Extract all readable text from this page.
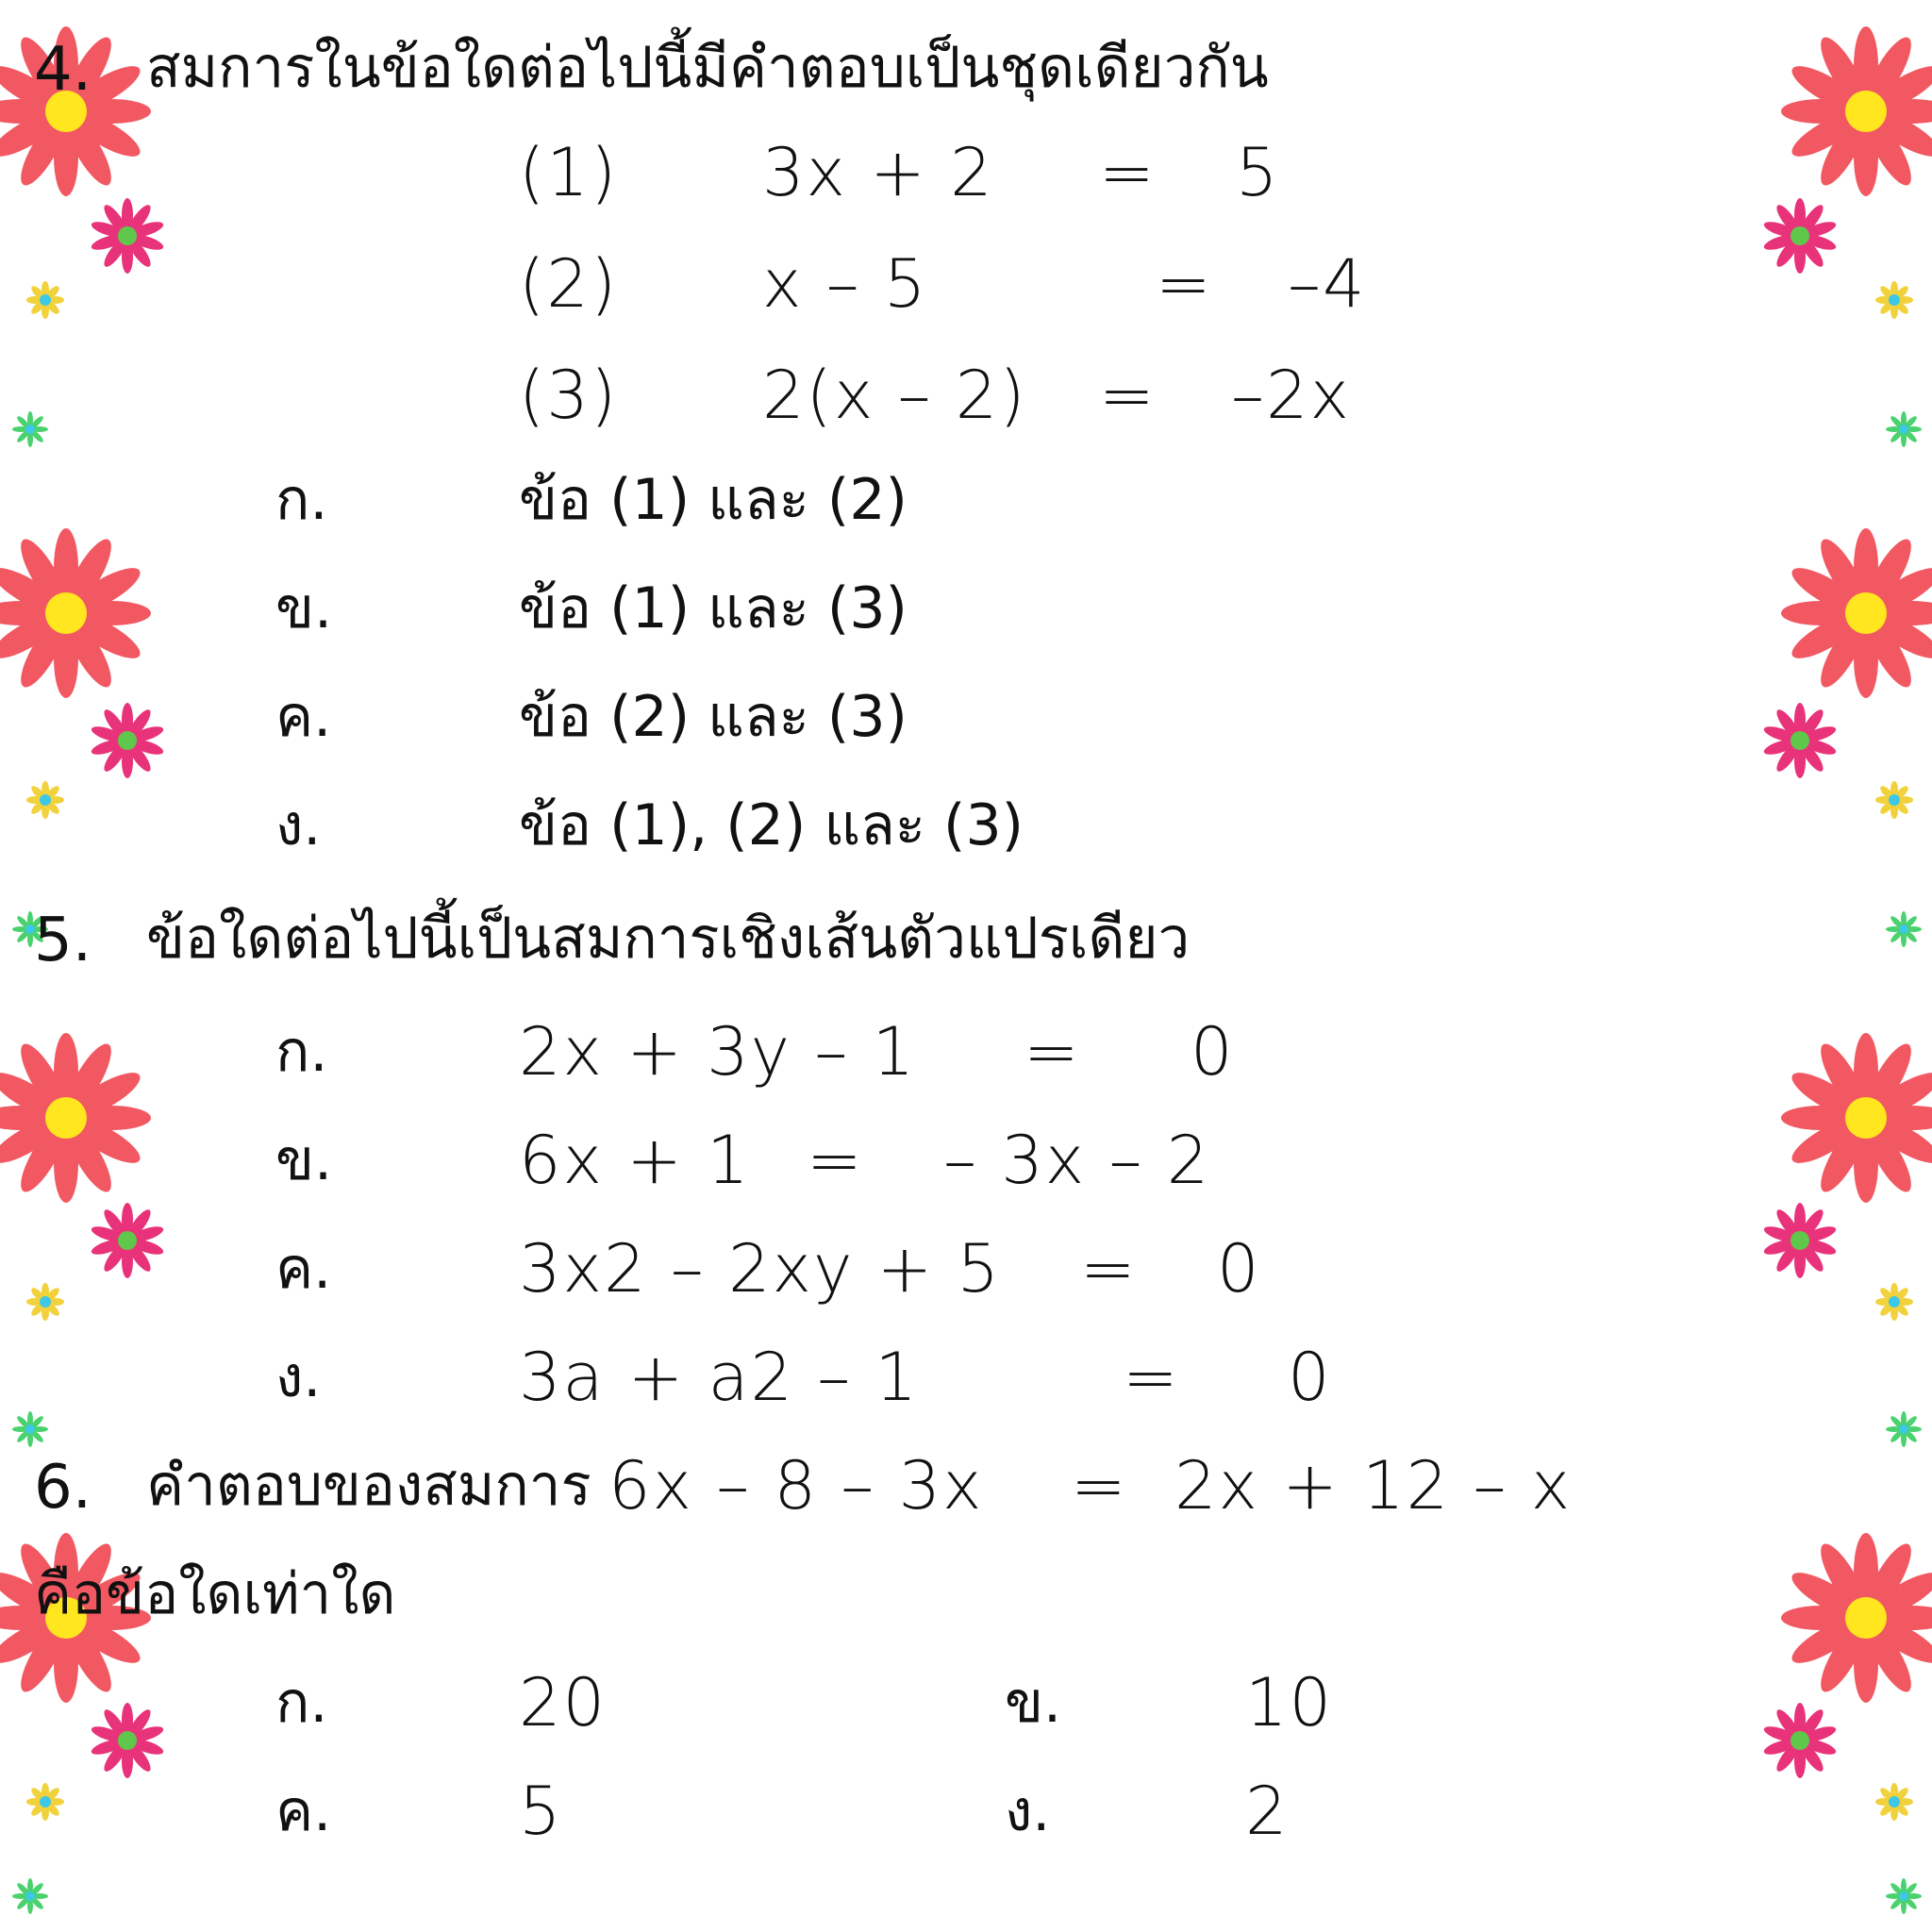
4. สมการในข้อใดต่อไปนี้มีคำตอบเป็นชุดเดียวกัน
(1) 3x + 2 = 5
(2) x – 5	= –4
(3) 2(x – 2) = –2x
ก.	ข้อ (1) และ (2)
ข.	ข้อ (1) และ (3)
ค.	ข้อ (2) และ (3)
ง.	ข้อ (1), (2) และ (3)
5. ข้อใดต่อไปนี้เป็นสมการเชิงเส้นตัวแปรเดียว
ก.	2x + 3y – 1 = 0
ข.	6x + 1 = – 3x – 2
ค.	3x2 – 2xy + 5 = 0
ง.	3a + a2 – 1	= 0
6. คำตอบของสมการ 6x – 8 – 3x = 2x + 12 – x
คือข้อใดเท่าใด
ก.	20	ข.	10
ค.	5	ง.	2
